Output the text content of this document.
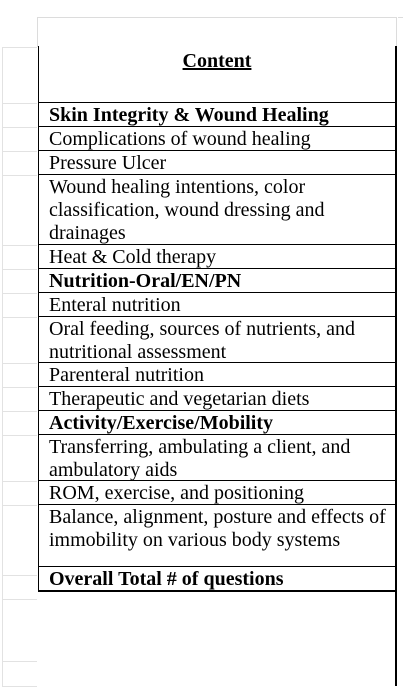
Content
Skin Integrity & Wound Healing
Complications of wound healing
Pressure Ulcer
Wound healing intentions, color classification, wound dressing and drainages
Heat & Cold therapy
Nutrition-Oral/EN/PN
Enteral nutrition
Oral feeding, sources of nutrients, and nutritional assessment
Parenteral nutrition
Therapeutic and vegetarian diets
Activity/Exercise/Mobility
Transferring, ambulating a client, and ambulatory aids
ROM, exercise, and positioning
Balance, alignment, posture and effects of immobility on various body systems
Overall Total # of questions
